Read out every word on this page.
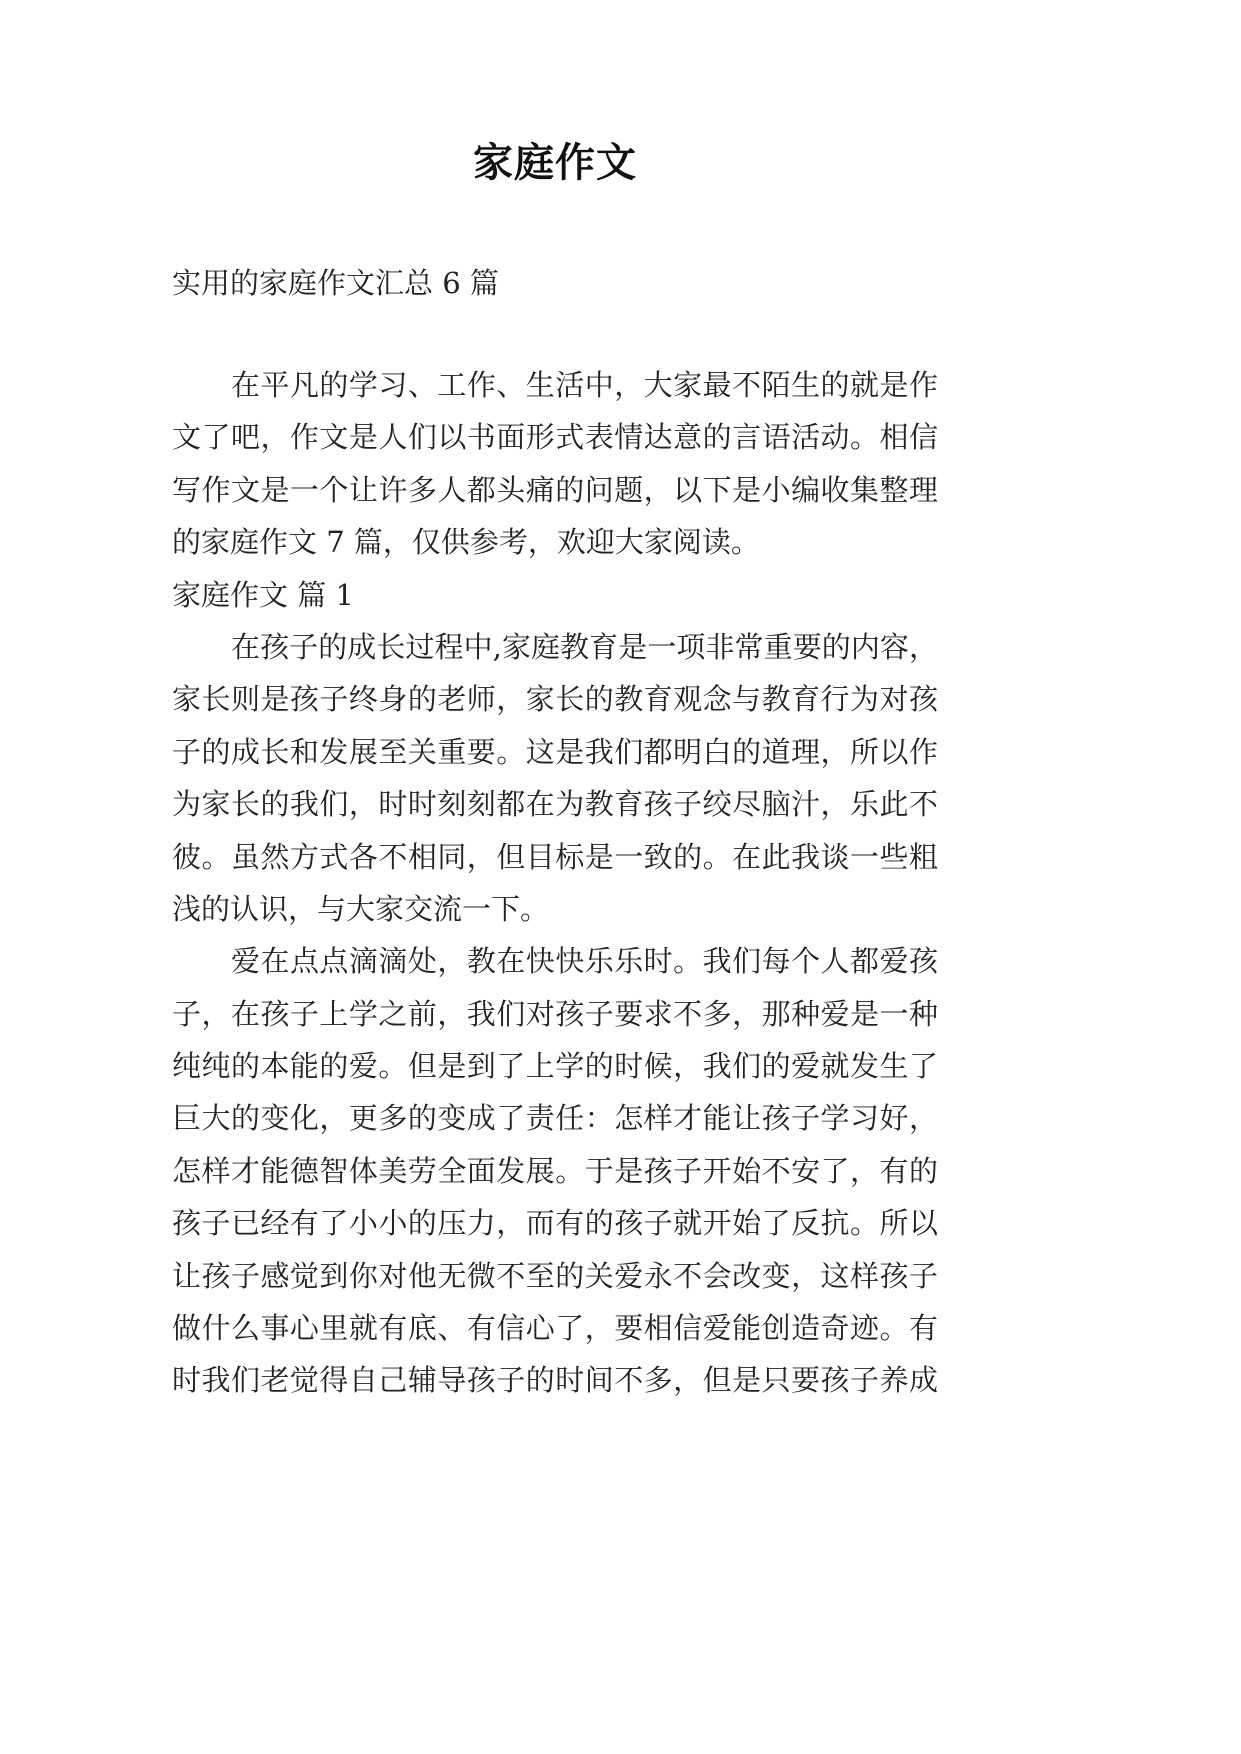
家庭作文
实用的家庭作文汇总 6 篇
在平凡的学习、工作、生活中，大家最不陌生的就是作
文了吧，作文是人们以书面形式表情达意的言语活动。相信
写作文是一个让许多人都头痛的问题，以下是小编收集整理
的家庭作文 7 篇，仅供参考，欢迎大家阅读。
家庭作文 篇 1
在孩子的成长过程中,家庭教育是一项非常重要的内容，
家长则是孩子终身的老师，家长的教育观念与教育行为对孩
子的成长和发展至关重要。这是我们都明白的道理，所以作
为家长的我们，时时刻刻都在为教育孩子绞尽脑汁，乐此不
彼。虽然方式各不相同，但目标是一致的。在此我谈一些粗
浅的认识，与大家交流一下。
爱在点点滴滴处，教在快快乐乐时。我们每个人都爱孩
子，在孩子上学之前，我们对孩子要求不多，那种爱是一种
纯纯的本能的爱。但是到了上学的时候，我们的爱就发生了
巨大的变化，更多的变成了责任：怎样才能让孩子学习好，
怎样才能德智体美劳全面发展。于是孩子开始不安了，有的
孩子已经有了小小的压力，而有的孩子就开始了反抗。所以
让孩子感觉到你对他无微不至的关爱永不会改变，这样孩子
做什么事心里就有底、有信心了，要相信爱能创造奇迹。有
时我们老觉得自己辅导孩子的时间不多，但是只要孩子养成
